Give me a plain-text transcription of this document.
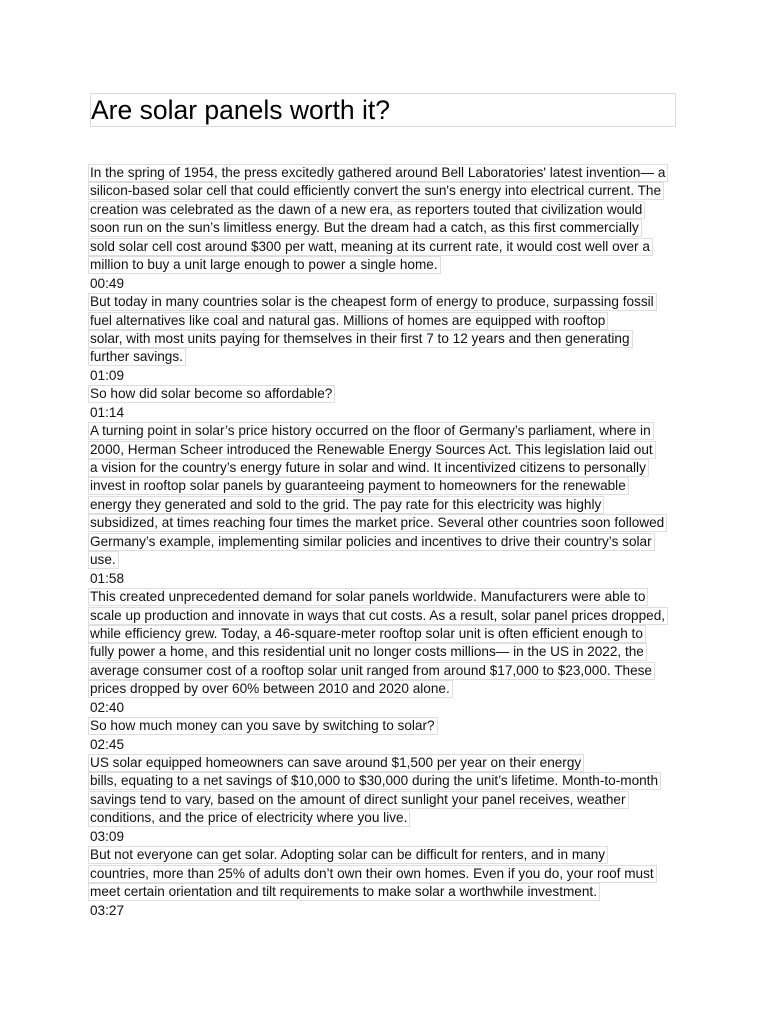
Are solar panels worth it?
In the spring of 1954, the press excitedly gathered around Bell Laboratories' latest invention— a
silicon-based solar cell that could efficiently convert the sun's energy into electrical current. The
creation was celebrated as the dawn of a new era, as reporters touted that civilization would
soon run on the sun’s limitless energy. But the dream had a catch, as this first commercially
sold solar cell cost around $300 per watt, meaning at its current rate, it would cost well over a
million to buy a unit large enough to power a single home.
00:49
But today in many countries solar is the cheapest form of energy to produce, surpassing fossil
fuel alternatives like coal and natural gas. Millions of homes are equipped with rooftop
solar, with most units paying for themselves in their first 7 to 12 years and then generating
further savings.
01:09
So how did solar become so affordable?
01:14
A turning point in solar’s price history occurred on the floor of Germany’s parliament, where in
2000, Herman Scheer introduced the Renewable Energy Sources Act. This legislation laid out
a vision for the country’s energy future in solar and wind. It incentivized citizens to personally
invest in rooftop solar panels by guaranteeing payment to homeowners for the renewable
energy they generated and sold to the grid. The pay rate for this electricity was highly
subsidized, at times reaching four times the market price. Several other countries soon followed
Germany’s example, implementing similar policies and incentives to drive their country’s solar
use.
01:58
This created unprecedented demand for solar panels worldwide. Manufacturers were able to
scale up production and innovate in ways that cut costs. As a result, solar panel prices dropped,
while efficiency grew. Today, a 46-square-meter rooftop solar unit is often efficient enough to
fully power a home, and this residential unit no longer costs millions— in the US in 2022, the
average consumer cost of a rooftop solar unit ranged from around $17,000 to $23,000. These
prices dropped by over 60% between 2010 and 2020 alone.
02:40
So how much money can you save by switching to solar?
02:45
US solar equipped homeowners can save around $1,500 per year on their energy
bills, equating to a net savings of $10,000 to $30,000 during the unit’s lifetime. Month-to-month
savings tend to vary, based on the amount of direct sunlight your panel receives, weather
conditions, and the price of electricity where you live.
03:09
But not everyone can get solar. Adopting solar can be difficult for renters, and in many
countries, more than 25% of adults don’t own their own homes. Even if you do, your roof must
meet certain orientation and tilt requirements to make solar a worthwhile investment.
03:27
